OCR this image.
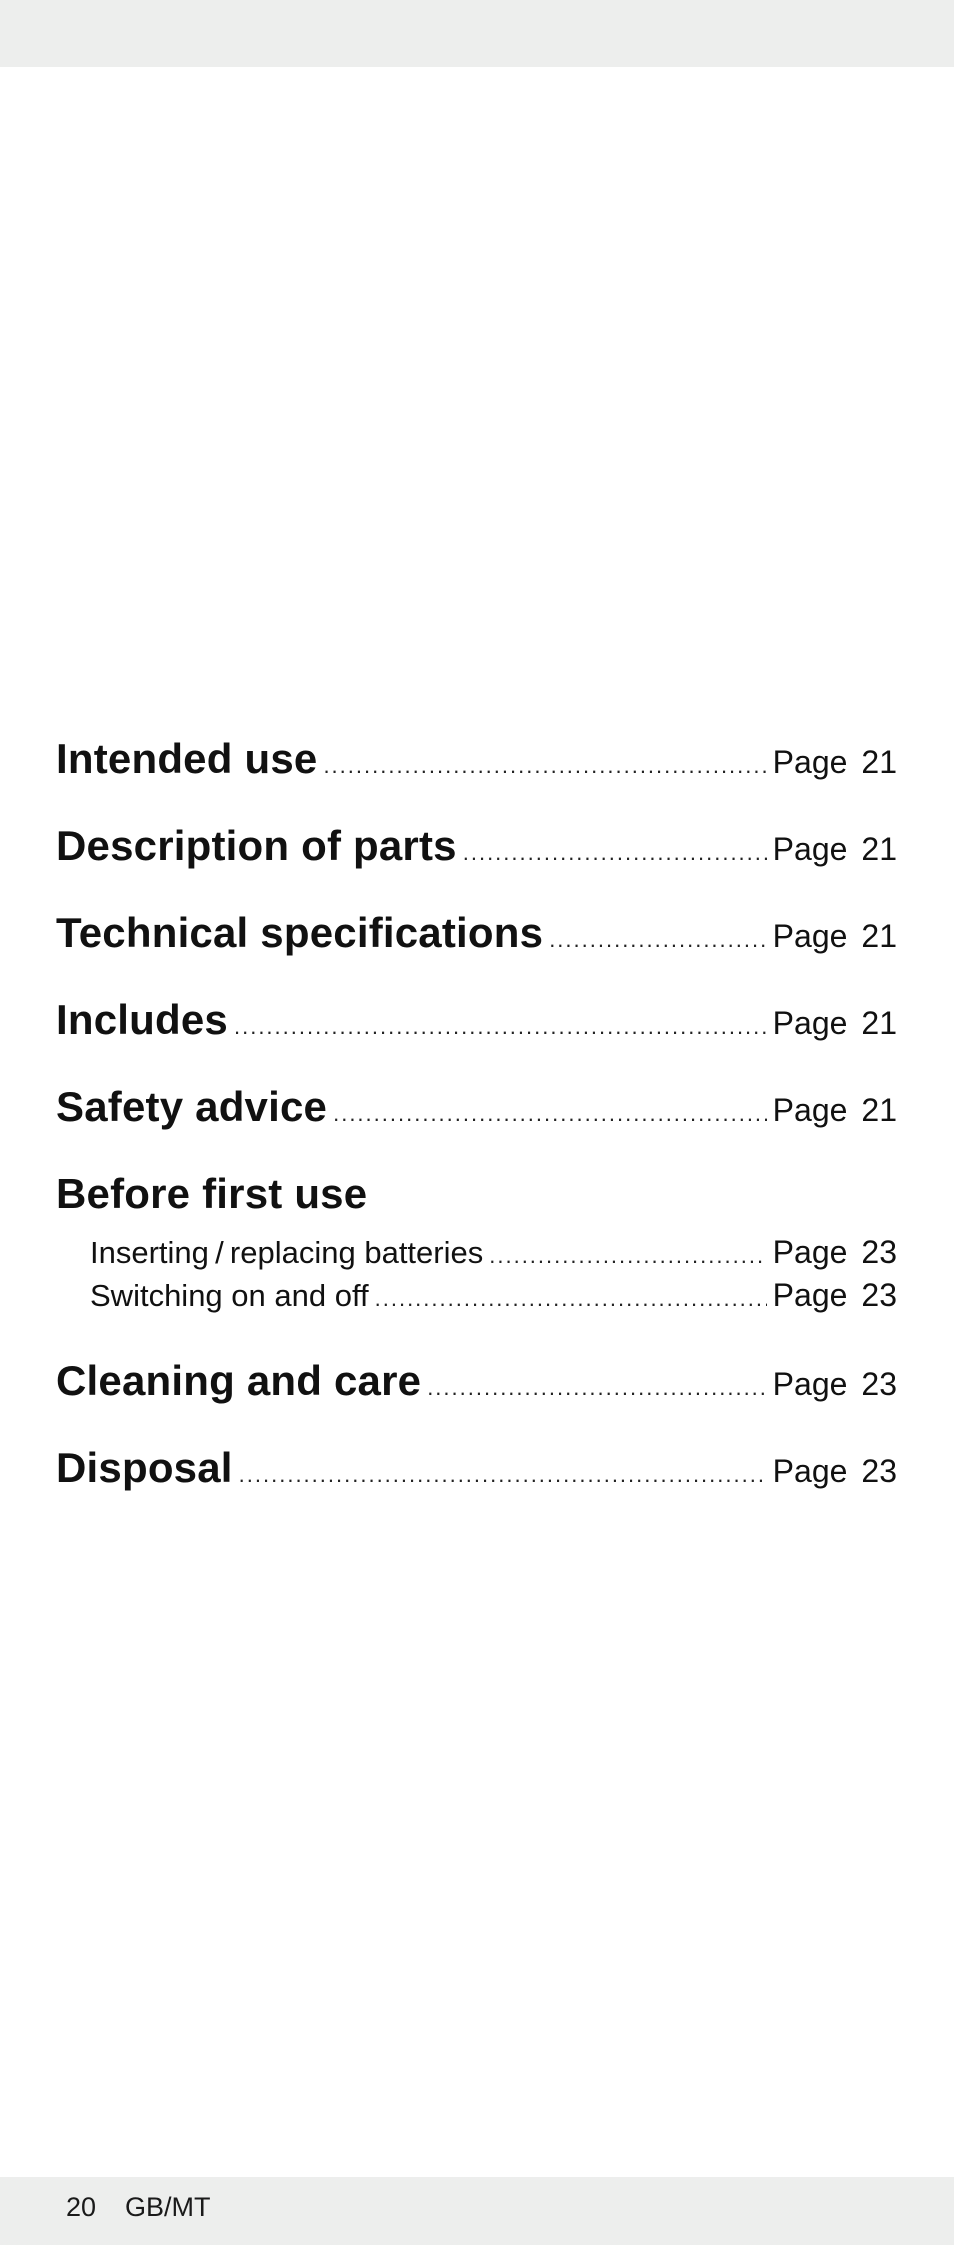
Intended use .....	Page 21
Description of parts .....	Page 21
Technical specifications .....	Page 21
Includes .....	Page 21
Safety advice .....	Page 21
Before first use
Inserting / replacing batteries .....	Page 23
Switching on and off .....	Page 23
Cleaning and care .....	Page 23
Disposal .....	Page 23
20 GB/MT
